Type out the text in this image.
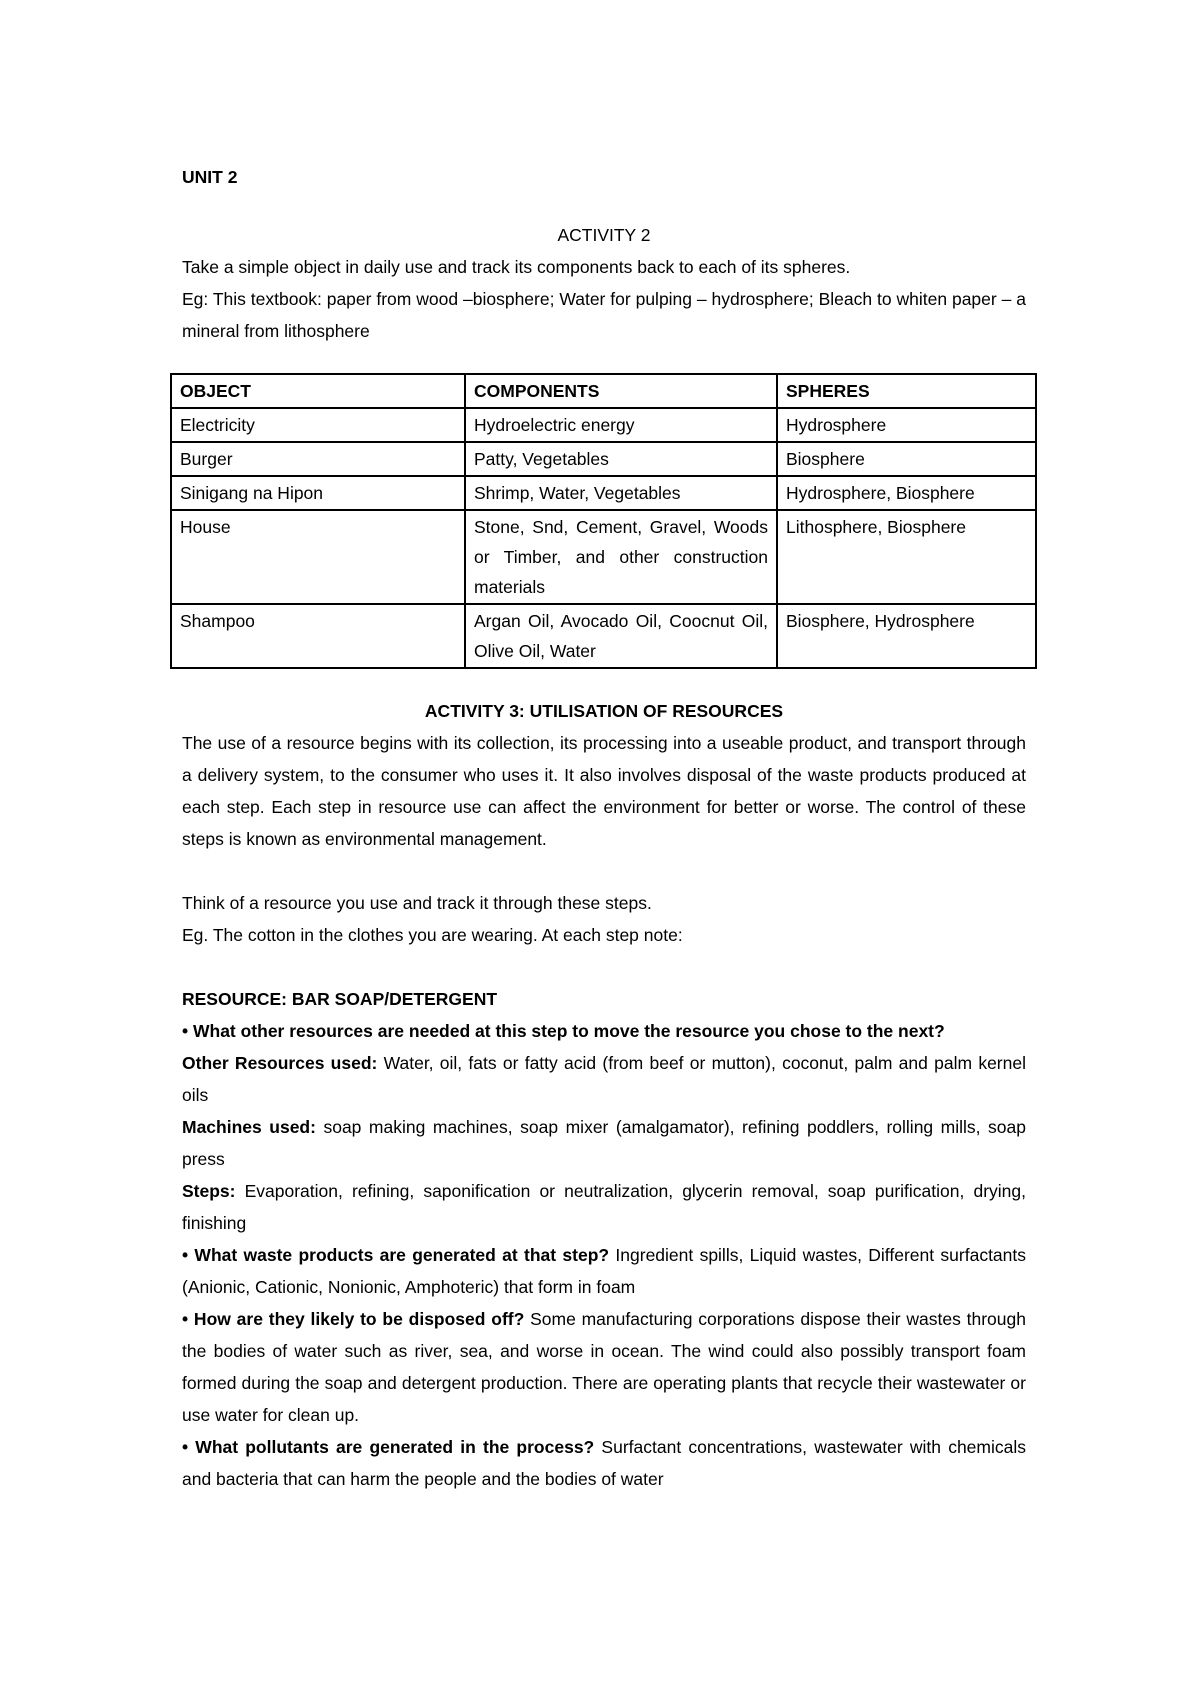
UNIT 2

ACTIVITY 2

Take a simple object in daily use and track its components back to each of its spheres.

Eg: This textbook: paper from wood –biosphere; Water for pulping – hydrosphere; Bleach to whiten paper – a mineral from lithosphere

OBJECT	COMPONENTS	SPHERES
Electricity	Hydroelectric energy	Hydrosphere
Burger	Patty, Vegetables	Biosphere
Sinigang na Hipon	Shrimp, Water, Vegetables	Hydrosphere, Biosphere
House	Stone, Snd, Cement, Gravel, Woods or Timber, and other construction materials	Lithosphere, Biosphere
Shampoo	Argan Oil, Avocado Oil, Coocnut Oil, Olive Oil, Water	Biosphere, Hydrosphere

ACTIVITY 3: UTILISATION OF RESOURCES

The use of a resource begins with its collection, its processing into a useable product, and transport through a delivery system, to the consumer who uses it. It also involves disposal of the waste products produced at each step. Each step in resource use can affect the environment for better or worse. The control of these steps is known as environmental management.

Think of a resource you use and track it through these steps.

Eg. The cotton in the clothes you are wearing. At each step note:

RESOURCE: BAR SOAP/DETERGENT

• What other resources are needed at this step to move the resource you chose to the next?

Other Resources used: Water, oil, fats or fatty acid (from beef or mutton), coconut, palm and palm kernel oils

Machines used: soap making machines, soap mixer (amalgamator), refining poddlers, rolling mills, soap press

Steps: Evaporation, refining, saponification or neutralization, glycerin removal, soap purification, drying, finishing

• What waste products are generated at that step? Ingredient spills, Liquid wastes, Different surfactants (Anionic, Cationic, Nonionic, Amphoteric) that form in foam

• How are they likely to be disposed off? Some manufacturing corporations dispose their wastes through the bodies of water such as river, sea, and worse in ocean. The wind could also possibly transport foam formed during the soap and detergent production. There are operating plants that recycle their wastewater or use water for clean up.

• What pollutants are generated in the process? Surfactant concentrations, wastewater with chemicals and bacteria that can harm the people and the bodies of water
